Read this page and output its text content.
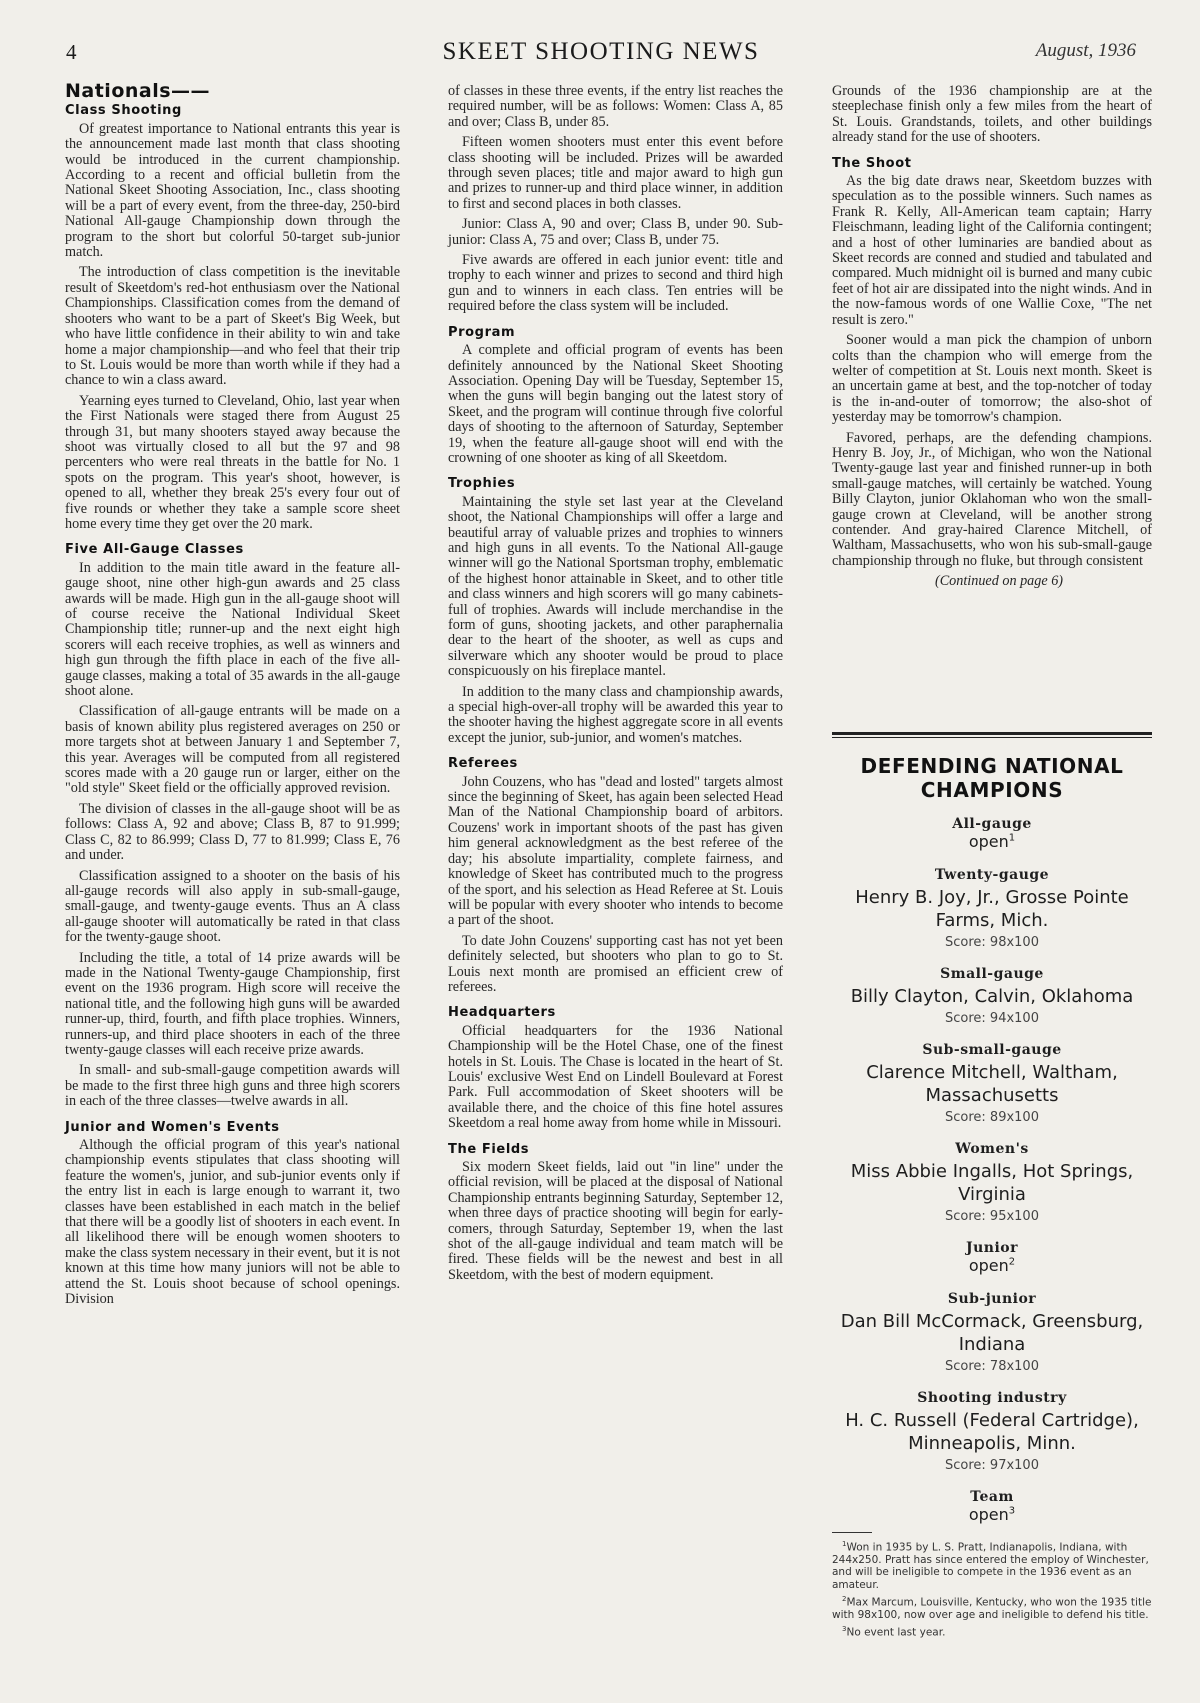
4	SKEET SHOOTING NEWS	August, 1936
Nationals——
Class Shooting

Of greatest importance to National entrants this year is the announcement made last month that class shooting would be introduced in the current championship. According to a recent and official bulletin from the National Skeet Shooting Association, Inc., class shooting will be a part of every event, from the three-day, 250-bird National All-gauge Championship down through the program to the short but colorful 50-target sub-junior match.

The introduction of class competition is the inevitable result of Skeetdom's red-hot enthusiasm over the National Championships. Classification comes from the demand of shooters who want to be a part of Skeet's Big Week, but who have little confidence in their ability to win and take home a major championship—and who feel that their trip to St. Louis would be more than worth while if they had a chance to win a class award.

Yearning eyes turned to Cleveland, Ohio, last year when the First Nationals were staged there from August 25 through 31, but many shooters stayed away because the shoot was virtually closed to all but the 97 and 98 percenters who were real threats in the battle for No. 1 spots on the program. This year's shoot, however, is opened to all, whether they break 25's every four out of five rounds or whether they take a sample score sheet home every time they get over the 20 mark.

Five All-Gauge Classes

In addition to the main title award in the feature all-gauge shoot, nine other high-gun awards and 25 class awards will be made. High gun in the all-gauge shoot will of course receive the National Individual Skeet Championship title; runner-up and the next eight high scorers will each receive trophies, as well as winners and high gun through the fifth place in each of the five all-gauge classes, making a total of 35 awards in the all-gauge shoot alone.

Classification of all-gauge entrants will be made on a basis of known ability plus registered averages on 250 or more targets shot at between January 1 and September 7, this year. Averages will be computed from all registered scores made with a 20 gauge run or larger, either on the "old style" Skeet field or the officially approved revision.

The division of classes in the all-gauge shoot will be as follows: Class A, 92 and above; Class B, 87 to 91.999; Class C, 82 to 86.999; Class D, 77 to 81.999; Class E, 76 and under.

Classification assigned to a shooter on the basis of his all-gauge records will also apply in sub-small-gauge, small-gauge, and twenty-gauge events. Thus an A class all-gauge shooter will automatically be rated in that class for the twenty-gauge shoot.

Including the title, a total of 14 prize awards will be made in the National Twenty-gauge Championship, first event on the 1936 program. High score will receive the national title, and the following high guns will be awarded runner-up, third, fourth, and fifth place trophies. Winners, runners-up, and third place shooters in each of the three twenty-gauge classes will each receive prize awards.

In small- and sub-small-gauge competition awards will be made to the first three high guns and three high scorers in each of the three classes—twelve awards in all.

Junior and Women's Events

Although the official program of this year's national championship events stipulates that class shooting will feature the women's, junior, and sub-junior events only if the entry list in each is large enough to warrant it, two classes have been established in each match in the belief that there will be a goodly list of shooters in each event. In all likelihood there will be enough women shooters to make the class system necessary in their event, but it is not known at this time how many juniors will not be able to attend the St. Louis shoot because of school openings. Division

of classes in these three events, if the entry list reaches the required number, will be as follows: Women: Class A, 85 and over; Class B, under 85.

Fifteen women shooters must enter this event before class shooting will be included. Prizes will be awarded through seven places; title and major award to high gun and prizes to runner-up and third place winner, in addition to first and second places in both classes.

Junior: Class A, 90 and over; Class B, under 90. Sub-junior: Class A, 75 and over; Class B, under 75.

Five awards are offered in each junior event: title and trophy to each winner and prizes to second and third high gun and to winners in each class. Ten entries will be required before the class system will be included.

Program

A complete and official program of events has been definitely announced by the National Skeet Shooting Association. Opening Day will be Tuesday, September 15, when the guns will begin banging out the latest story of Skeet, and the program will continue through five colorful days of shooting to the afternoon of Saturday, September 19, when the feature all-gauge shoot will end with the crowning of one shooter as king of all Skeetdom.

Trophies

Maintaining the style set last year at the Cleveland shoot, the National Championships will offer a large and beautiful array of valuable prizes and trophies to winners and high guns in all events. To the National All-gauge winner will go the National Sportsman trophy, emblematic of the highest honor attainable in Skeet, and to other title and class winners and high scorers will go many cabinets-full of trophies. Awards will include merchandise in the form of guns, shooting jackets, and other paraphernalia dear to the heart of the shooter, as well as cups and silverware which any shooter would be proud to place conspicuously on his fireplace mantel.

In addition to the many class and championship awards, a special high-over-all trophy will be awarded this year to the shooter having the highest aggregate score in all events except the junior, sub-junior, and women's matches.

Referees

John Couzens, who has "dead and losted" targets almost since the beginning of Skeet, has again been selected Head Man of the National Championship board of arbitors. Couzens' work in important shoots of the past has given him general acknowledgment as the best referee of the day; his absolute impartiality, complete fairness, and knowledge of Skeet has contributed much to the progress of the sport, and his selection as Head Referee at St. Louis will be popular with every shooter who intends to become a part of the shoot.

To date John Couzens' supporting cast has not yet been definitely selected, but shooters who plan to go to St. Louis next month are promised an efficient crew of referees.

Headquarters

Official headquarters for the 1936 National Championship will be the Hotel Chase, one of the finest hotels in St. Louis. The Chase is located in the heart of St. Louis' exclusive West End on Lindell Boulevard at Forest Park. Full accommodation of Skeet shooters will be available there, and the choice of this fine hotel assures Skeetdom a real home away from home while in Missouri.

The Fields

Six modern Skeet fields, laid out "in line" under the official revision, will be placed at the disposal of National Championship entrants beginning Saturday, September 12, when three days of practice shooting will begin for early-comers, through Saturday, September 19, when the last shot of the all-gauge individual and team match will be fired. These fields will be the newest and best in all Skeetdom, with the best of modern equipment.

Grounds of the 1936 championship are at the steeplechase finish only a few miles from the heart of St. Louis. Grandstands, toilets, and other buildings already stand for the use of shooters.

The Shoot

As the big date draws near, Skeetdom buzzes with speculation as to the possible winners. Such names as Frank R. Kelly, All-American team captain; Harry Fleischmann, leading light of the California contingent; and a host of other luminaries are bandied about as Skeet records are conned and studied and tabulated and compared. Much midnight oil is burned and many cubic feet of hot air are dissipated into the night winds. And in the now-famous words of one Wallie Coxe, "The net result is zero."

Sooner would a man pick the champion of unborn colts than the champion who will emerge from the welter of competition at St. Louis next month. Skeet is an uncertain game at best, and the top-notcher of today is the in-and-outer of tomorrow; the also-shot of yesterday may be tomorrow's champion.

Favored, perhaps, are the defending champions. Henry B. Joy, Jr., of Michigan, who won the National Twenty-gauge last year and finished runner-up in both small-gauge matches, will certainly be watched. Young Billy Clayton, junior Oklahoman who won the small-gauge crown at Cleveland, will be another strong contender. And gray-haired Clarence Mitchell, of Waltham, Massachusetts, who won his sub-small-gauge championship through no fluke, but through consistent

(Continued on page 6)

DEFENDING NATIONAL CHAMPIONS
All-gauge
open$^1$
Twenty-gauge
Henry B. Joy, Jr., Grosse Pointe Farms, Mich.
Score: 98x100
Small-gauge
Billy Clayton, Calvin, Oklahoma
Score: 94x100
Sub-small-gauge
Clarence Mitchell, Waltham, Massachusetts
Score: 89x100
Women's
Miss Abbie Ingalls, Hot Springs, Virginia
Score: 95x100
Junior
open$^2$
Sub-junior
Dan Bill McCormack, Greensburg, Indiana
Score: 78x100
Shooting industry
H. C. Russell (Federal Cartridge), Minneapolis, Minn.
Score: 97x100
Team
open$^3$

$^1$Won in 1935 by L. S. Pratt, Indianapolis, Indiana, with 244x250. Pratt has since entered the employ of Winchester, and will be ineligible to compete in the 1936 event as an amateur.

$^2$Max Marcum, Louisville, Kentucky, who won the 1935 title with 98x100, now over age and ineligible to defend his title.

$^3$No event last year.
